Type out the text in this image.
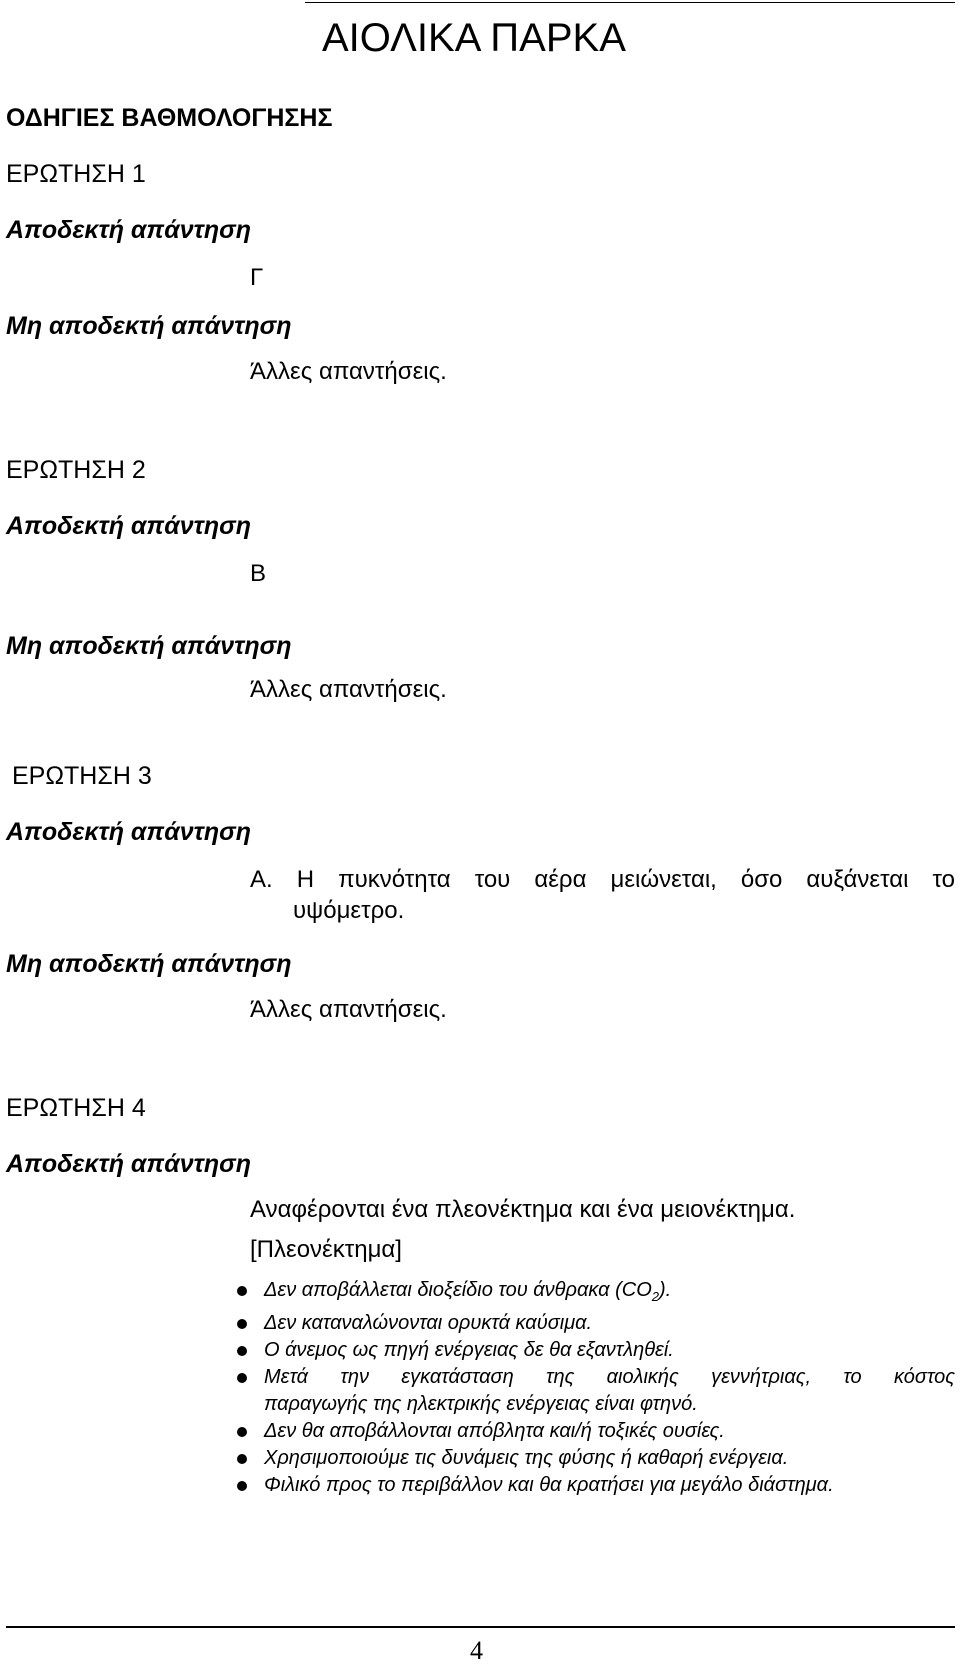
ΑΙΟΛΙΚΑ ΠΑΡΚΑ
ΟΔΗΓΙΕΣ ΒΑΘΜΟΛΟΓΗΣΗΣ
ΕΡΩΤΗΣΗ 1
Αποδεκτή απάντηση
Γ
Μη αποδεκτή απάντηση
Άλλες απαντήσεις.
ΕΡΩΤΗΣΗ 2
Αποδεκτή απάντηση
Β
Μη αποδεκτή απάντηση
Άλλες απαντήσεις.
ΕΡΩΤΗΣΗ 3
Αποδεκτή απάντηση
Α. Η πυκνότητα του αέρα μειώνεται, όσο αυξάνεται το
υψόμετρο.
Μη αποδεκτή απάντηση
Άλλες απαντήσεις.
ΕΡΩΤΗΣΗ 4
Αποδεκτή απάντηση
Αναφέρονται ένα πλεονέκτημα και ένα μειονέκτημα.
[Πλεονέκτημα]
Δεν αποβάλλεται διοξείδιο του άνθρακα $(CO_2)$.
Δεν καταναλώνονται ορυκτά καύσιμα.
Ο άνεμος ως πηγή ενέργειας δε θα εξαντληθεί.
Μετά την εγκατάσταση της αιολικής γεννήτριας, το κόστος
παραγωγής της ηλεκτρικής ενέργειας είναι φτηνό.
Δεν θα αποβάλλονται απόβλητα και/ή τοξικές ουσίες.
Χρησιμοποιούμε τις δυνάμεις της φύσης ή καθαρή ενέργεια.
Φιλικό προς το περιβάλλον και θα κρατήσει για μεγάλο διάστημα.
4
